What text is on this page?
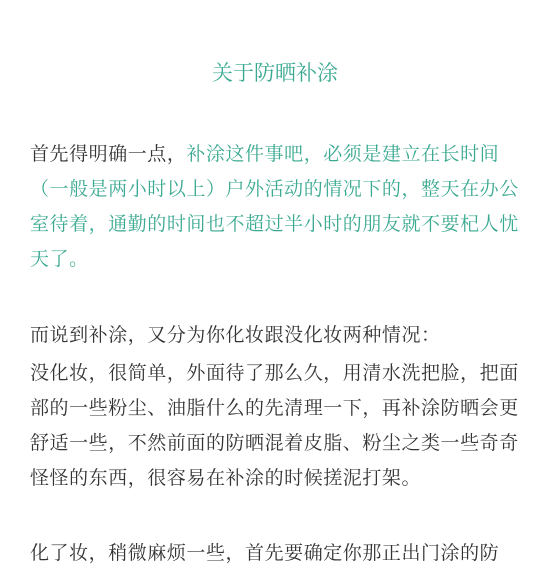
关于防晒补涂

首先得明确一点，补涂这件事吧，必须是建立在长时间（一般是两小时以上）户外活动的情况下的，整天在办公室待着，通勤的时间也不超过半小时的朋友就不要杞人忧天了。

而说到补涂，又分为你化妆跟没化妆两种情况：

没化妆，很简单，外面待了那么久，用清水洗把脸，把面部的一些粉尘、油脂什么的先清理一下，再补涂防晒会更舒适一些，不然前面的防晒混着皮脂、粉尘之类一些奇奇怪怪的东西，很容易在补涂的时候搓泥打架。

化了妆，稍微麻烦一些，首先要确定你那正出门涂的防
